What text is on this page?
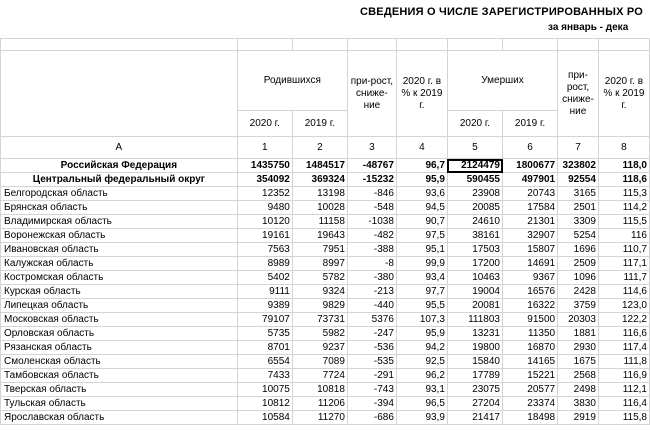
СВЕДЕНИЯ О ЧИСЛЕ ЗАРЕГИСТРИРОВАННЫХ РО
за январь - дека

	Родившихся		при-рост, сниже-ние	2020 г. в % к 2019 г.	Умерших		при-рост, сниже-ние	2020 г. в % к 2019 г.
	2020 г.	2019 г.			2020 г.	2019 г.		
А	1	2	3	4	5	6	7	8
Российская Федерация	1435750	1484517	-48767	96,7	2124479	1800677	323802	118,0
Центральный федеральный округ	354092	369324	-15232	95,9	590455	497901	92554	118,6
Белгородская область	12352	13198	-846	93,6	23908	20743	3165	115,3
Брянская область	9480	10028	-548	94,5	20085	17584	2501	114,2
Владимирская область	10120	11158	-1038	90,7	24610	21301	3309	115,5
Воронежская область	19161	19643	-482	97,5	38161	32907	5254	116
Ивановская область	7563	7951	-388	95,1	17503	15807	1696	110,7
Калужская область	8989	8997	-8	99,9	17200	14691	2509	117,1
Костромская область	5402	5782	-380	93,4	10463	9367	1096	111,7
Курская область	9111	9324	-213	97,7	19004	16576	2428	114,6
Липецкая область	9389	9829	-440	95,5	20081	16322	3759	123,0
Московская область	79107	73731	5376	107,3	111803	91500	20303	122,2
Орловская область	5735	5982	-247	95,9	13231	11350	1881	116,6
Рязанская область	8701	9237	-536	94,2	19800	16870	2930	117,4
Смоленская область	6554	7089	-535	92,5	15840	14165	1675	111,8
Тамбовская область	7433	7724	-291	96,2	17789	15221	2568	116,9
Тверская область	10075	10818	-743	93,1	23075	20577	2498	112,1
Тульская область	10812	11206	-394	96,5	27204	23374	3830	116,4
Ярославская область	10584	11270	-686	93,9	21417	18498	2919	115,8
